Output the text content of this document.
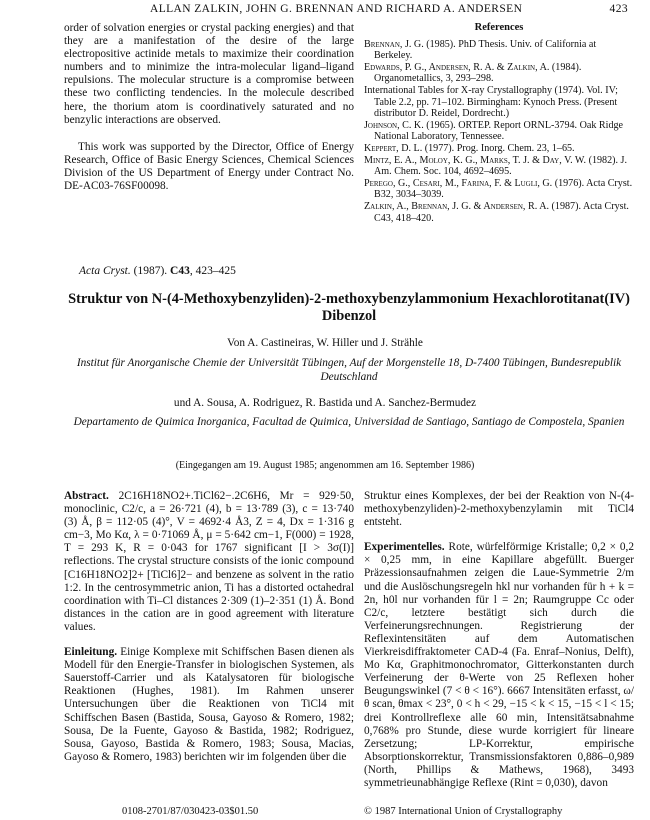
ALLAN ZALKIN, JOHN G. BRENNAN AND RICHARD A. ANDERSEN	423

order of solvation energies or crystal packing energies) and that they are a manifestation of the desire of the large electropositive actinide metals to maximize their coordination numbers and to minimize the intra-molecular ligand–ligand repulsions. The molecular structure is a compromise between these two conflicting tendencies. In the molecule described here, the thorium atom is coordinatively saturated and no benzylic interactions are observed.

This work was supported by the Director, Office of Energy Research, Office of Basic Energy Sciences, Chemical Sciences Division of the US Department of Energy under Contract No. DE-AC03-76SF00098.

References

Brennan, J. G. (1985). PhD Thesis. Univ. of California at Berkeley.

Edwards, P. G., Andersen, R. A. & Zalkin, A. (1984). Organometallics, 3, 293–298.

International Tables for X-ray Crystallography (1974). Vol. IV; Table 2.2, pp. 71–102. Birmingham: Kynoch Press. (Present distributor D. Reidel, Dordrecht.)

Johnson, C. K. (1965). ORTEP. Report ORNL-3794. Oak Ridge National Laboratory, Tennessee.

Keppert, D. L. (1977). Prog. Inorg. Chem. 23, 1–65.

Mintz, E. A., Moloy, K. G., Marks, T. J. & Day, V. W. (1982). J. Am. Chem. Soc. 104, 4692–4695.

Perego, G., Cesari, M., Farina, F. & Lugli, G. (1976). Acta Cryst. B32, 3034–3039.

Zalkin, A., Brennan, J. G. & Andersen, R. A. (1987). Acta Cryst. C43, 418–420.

Acta Cryst. (1987). C43, 423–425
Struktur von N-(4-Methoxybenzyliden)-2-methoxybenzylammonium Hexachlorotitanat(IV) Dibenzol
Von A. Castineiras, W. Hiller und J. Strähle
Institut für Anorganische Chemie der Universität Tübingen, Auf der Morgenstelle 18, D-7400 Tübingen, Bundesrepublik Deutschland
und A. Sousa, A. Rodriguez, R. Bastida und A. Sanchez-Bermudez
Departamento de Quimica Inorganica, Facultad de Quimica, Universidad de Santiago, Santiago de Compostela, Spanien
(Eingegangen am 19. August 1985; angenommen am 16. September 1986)

Abstract. 2C16H18NO2+.TiCl62−.2C6H6, Mr = 929·50, monoclinic, C2/c, a = 26·721 (4), b = 13·789 (3), c = 13·740 (3) Å, β = 112·05 (4)°, V = 4692·4 Å3, Z = 4, Dx = 1·316 g cm−3, Mo Kα, λ = 0·71069 Å, μ = 5·642 cm−1, F(000) = 1928, T = 293 K, R = 0·043 for 1767 significant [I > 3σ(I)] reflections. The crystal structure consists of the ionic compound [C16H18NO2]2+ [TiCl6]2− and benzene as solvent in the ratio 1:2. In the centrosymmetric anion, Ti has a distorted octahedral coordination with Ti–Cl distances 2·309 (1)–2·351 (1) Å. Bond distances in the cation are in good agreement with literature values.

Einleitung. Einige Komplexe mit Schiffschen Basen dienen als Modell für den Energie-Transfer in biologischen Systemen, als Sauerstoff-Carrier und als Katalysatoren für biologische Reaktionen (Hughes, 1981). Im Rahmen unserer Untersuchungen über die Reaktionen von TiCl4 mit Schiffschen Basen (Bastida, Sousa, Gayoso & Romero, 1982; Sousa, De la Fuente, Gayoso & Bastida, 1982; Rodriguez, Sousa, Gayoso, Bastida & Romero, 1983; Sousa, Macias, Gayoso & Romero, 1983) berichten wir im folgenden über die

Struktur eines Komplexes, der bei der Reaktion von N-(4-methoxybenzyliden)-2-methoxybenzylamin mit TiCl4 entsteht.

Experimentelles. Rote, würfelförmige Kristalle; 0,2 × 0,2 × 0,25 mm, in eine Kapillare abgefüllt. Buerger Präzessionsaufnahmen zeigen die Laue-Symmetrie 2/m und die Auslöschungsregeln hkl nur vorhanden für h + k = 2n, h0l nur vorhanden für l = 2n; Raumgruppe Cc oder C2/c, letztere bestätigt sich durch die Verfeinerungsrechnungen. Registrierung der Reflexintensitäten auf dem Automatischen Vierkreisdiffraktometer CAD-4 (Fa. Enraf–Nonius, Delft), Mo Kα, Graphitmonochromator, Gitterkonstanten durch Verfeinerung der θ-Werte von 25 Reflexen hoher Beugungswinkel (7 < θ < 16°). 6667 Intensitäten erfasst, ω/θ scan, θmax < 23°, 0 < h < 29, −15 < k < 15, −15 < l < 15; drei Kontrollreflexe alle 60 min, Intensitätsabnahme 0,768% pro Stunde, diese wurde korrigiert für lineare Zersetzung; LP-Korrektur, empirische Absorptionskorrektur, Transmissionsfaktoren 0,886–0,989 (North, Phillips & Mathews, 1968), 3493 symmetrieunabhängige Reflexe (Rint = 0,030), davon

0108-2701/87/030423-03$01.50	© 1987 International Union of Crystallography
